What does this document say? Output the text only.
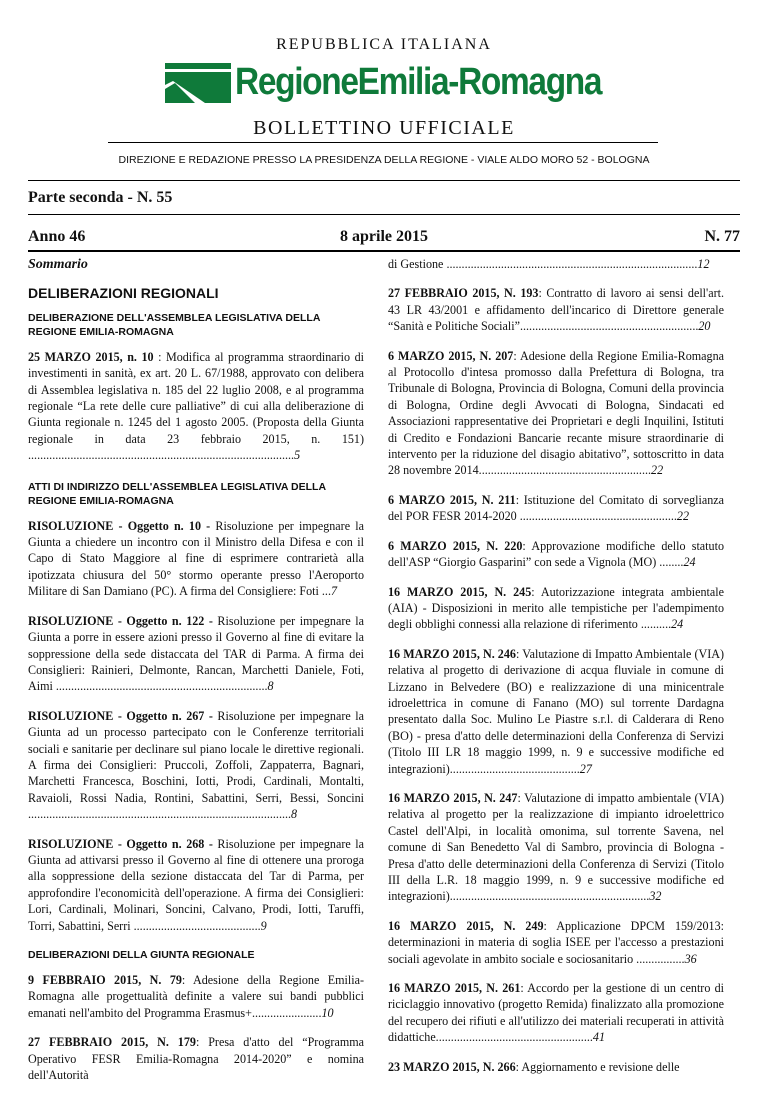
REPUBBLICA ITALIANA
RegioneEmilia-Romagna
BOLLETTINO UFFICIALE
DIREZIONE E REDAZIONE PRESSO LA PRESIDENZA DELLA REGIONE - VIALE ALDO MORO 52 - BOLOGNA
Parte seconda - N. 55
Anno 46	8 aprile 2015	N. 77
Sommario
DELIBERAZIONI REGIONALI
DELIBERAZIONE DELL'ASSEMBLEA LEGISLATIVA DELLA REGIONE EMILIA-ROMAGNA
25 MARZO 2015, n. 10 : Modifica al programma straordinario di investimenti in sanità, ex art. 20 L. 67/1988, approvato con delibera di Assemblea legislativa n. 185 del 22 luglio 2008, e al programma regionale “La rete delle cure palliative” di cui alla deliberazione di Giunta regionale n. 1245 del 1 agosto 2005. (Proposta della Giunta regionale in data 23 febbraio 2015, n. 151) ........................................................................................5
ATTI DI INDIRIZZO DELL'ASSEMBLEA LEGISLATIVA DELLA REGIONE EMILIA-ROMAGNA
RISOLUZIONE - Oggetto n. 10 - Risoluzione per impegnare la Giunta a chiedere un incontro con il Ministro della Difesa e con il Capo di Stato Maggiore al fine di esprimere contrarietà alla ipotizzata chiusura del 50° stormo operante presso l'Aeroporto Militare di San Damiano (PC). A firma del Consigliere: Foti ...7
RISOLUZIONE - Oggetto n. 122 - Risoluzione per impegnare la Giunta a porre in essere azioni presso il Governo al fine di evitare la soppressione della sede distaccata del TAR di Parma. A firma dei Consiglieri: Rainieri, Delmonte, Rancan, Marchetti Daniele, Foti, Aimi ......................................................................8
RISOLUZIONE - Oggetto n. 267 - Risoluzione per impegnare la Giunta ad un processo partecipato con le Conferenze territoriali sociali e sanitarie per declinare sul piano locale le direttive regionali. A firma dei Consiglieri: Pruccoli, Zoffoli, Zappaterra, Bagnari, Marchetti Francesca, Boschini, Iotti, Prodi, Cardinali, Montalti, Ravaioli, Rossi Nadia, Rontini, Sabattini, Serri, Bessi, Soncini .......................................................................................8
RISOLUZIONE - Oggetto n. 268 - Risoluzione per impegnare la Giunta ad attivarsi presso il Governo al fine di ottenere una proroga alla soppressione della sezione distaccata del Tar di Parma, per approfondire l'economicità dell'operazione. A firma dei Consiglieri: Lori, Cardinali, Molinari, Soncini, Calvano, Prodi, Iotti, Taruffi, Torri, Sabattini, Serri ..........................................9
DELIBERAZIONI DELLA GIUNTA REGIONALE
9 FEBBRAIO 2015, N. 79: Adesione della Regione Emilia-Romagna alle progettualità definite a valere sui bandi pubblici emanati nell'ambito del Programma Erasmus+.......................10
27 FEBBRAIO 2015, N. 179: Presa d'atto del “Programma Operativo FESR Emilia-Romagna 2014-2020” e nomina dell'Autorità
di Gestione ...................................................................................12
27 FEBBRAIO 2015, N. 193: Contratto di lavoro ai sensi dell'art. 43 LR 43/2001 e affidamento dell'incarico di Direttore generale “Sanità e Politiche Sociali”...........................................................20
6 MARZO 2015, N. 207: Adesione della Regione Emilia-Romagna al Protocollo d'intesa promosso dalla Prefettura di Bologna, tra Tribunale di Bologna, Provincia di Bologna, Comuni della provincia di Bologna, Ordine degli Avvocati di Bologna, Sindacati ed Associazioni rappresentative dei Proprietari e degli Inquilini, Istituti di Credito e Fondazioni Bancarie recante misure straordinarie di intervento per la riduzione del disagio abitativo”, sottoscritto in data 28 novembre 2014.........................................................22
6 MARZO 2015, N. 211: Istituzione del Comitato di sorveglianza del POR FESR 2014-2020 ....................................................22
6 MARZO 2015, N. 220: Approvazione modifiche dello statuto dell'ASP “Giorgio Gasparini” con sede a Vignola (MO) ........24
16 MARZO 2015, N. 245: Autorizzazione integrata ambientale (AIA) - Disposizioni in merito alle tempistiche per l'adempimento degli obblighi connessi alla relazione di riferimento ..........24
16 MARZO 2015, N. 246: Valutazione di Impatto Ambientale (VIA) relativa al progetto di derivazione di acqua fluviale in comune di Lizzano in Belvedere (BO) e realizzazione di una minicentrale idroelettrica in comune di Fanano (MO) sul torrente Dardagna presentato dalla Soc. Mulino Le Piastre s.r.l. di Calderara di Reno (BO) - presa d'atto delle determinazioni della Conferenza di Servizi (Titolo III LR 18 maggio 1999, n. 9 e successive modifiche ed integrazioni)...........................................27
16 MARZO 2015, N. 247: Valutazione di impatto ambientale (VIA) relativa al progetto per la realizzazione di impianto idroelettrico Castel dell'Alpi, in località omonima, sul torrente Savena, nel comune di San Benedetto Val di Sambro, provincia di Bologna - Presa d'atto delle determinazioni della Conferenza di Servizi (Titolo III della L.R. 18 maggio 1999, n. 9 e successive modifiche ed integrazioni)..................................................................32
16 MARZO 2015, N. 249: Applicazione DPCM 159/2013: determinazioni in materia di soglia ISEE per l'accesso a prestazioni sociali agevolate in ambito sociale e sociosanitario ................36
16 MARZO 2015, N. 261: Accordo per la gestione di un centro di riciclaggio innovativo (progetto Remida) finalizzato alla promozione del recupero dei rifiuti e all'utilizzo dei materiali recuperati in attività didattiche....................................................41
23 MARZO 2015, N. 266: Aggiornamento e revisione delle
